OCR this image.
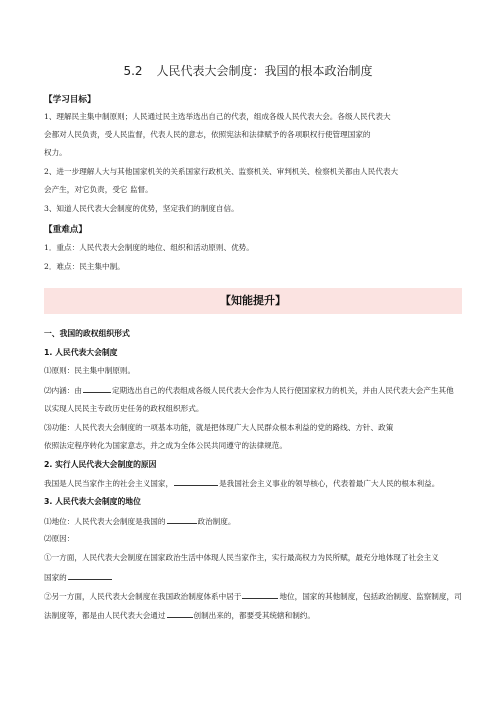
5.2 人民代表大会制度：我国的根本政治制度
【学习目标】
1、理解民主集中制原则；人民通过民主选举选出自己的代表，组成各级人民代表大会。各级人民代表大
会都对人民负责，受人民监督，代表人民的意志，依照宪法和法律赋予的各项职权行使管理国家的
权力。
2、进一步理解人大与其他国家机关的关系国家行政机关、监察机关、审判机关、检察机关都由人民代表大
会产生，对它负责，受它 监督。
3、知道人民代表大会制度的优势，坚定我们的制度自信。
【重难点】
1．重点：人民代表大会制度的地位、组织和活动原则、优势。
2．难点：民主集中制。
【知能提升】
一、我国的政权组织形式
1. 人民代表大会制度
⑴原则：民主集中制原则。
⑵内涵：由	定期选出自己的代表组成各级人民代表大会作为人民行使国家权力的机关，并由人民代表大会产生其他
以实现人民民主专政历史任务的政权组织形式。
⑶功能：人民代表大会制度的一项基本功能，就是把体现广大人民群众根本利益的党的路线、方针、政策
依照法定程序转化为国家意志，并之成为全体公民共同遵守的法律规范。
2. 实行人民代表大会制度的原因
我国是人民当家作主的社会主义国家，	是我国社会主义事业的领导核心，代表着最广大人民的根本利益。
3. 人民代表大会制度的地位
⑴地位：人民代表大会制度是我国的	政治制度。
⑵原因：
①一方面，人民代表大会制度在国家政治生活中体现人民当家作主，实行最高权力为民所赋，最充分地体现了社会主义
国家的
②另一方面，人民代表大会制度在我国政治制度体系中居于	地位，国家的其他制度，包括政治制度、监察制度，司
法制度等，都是由人民代表大会通过	创制出来的，都要受其统辖和制约。
